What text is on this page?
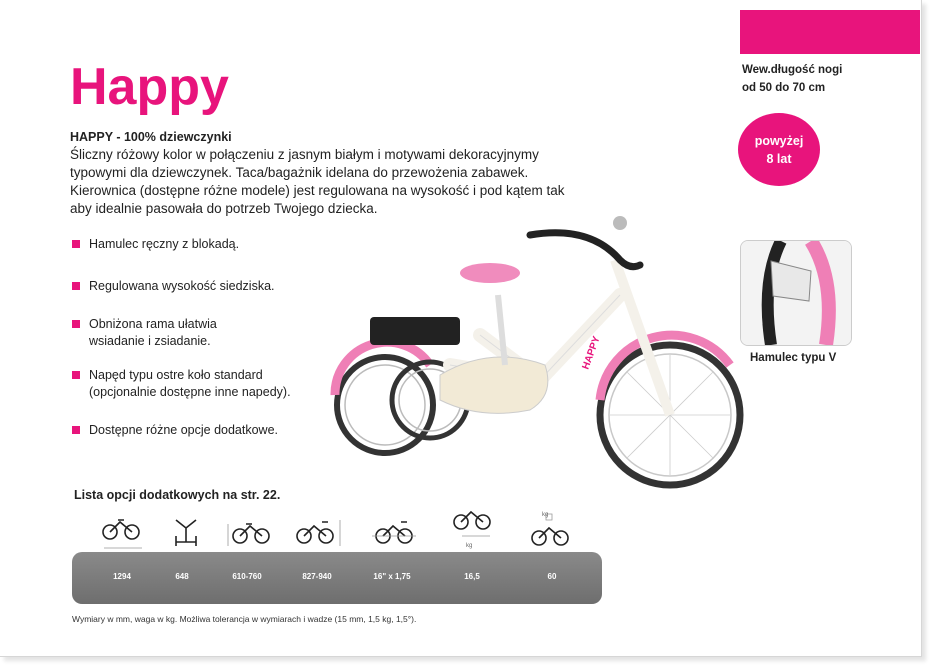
Wew.długość nogi
od 50 do 70 cm
powyżej
8 lat
Happy
HAPPY - 100% dziewczynki
Śliczny różowy kolor w połączeniu z jasnym białym i motywami dekoracyjnymy typowymi dla dziewczynek. Taca/bagażnik idelana do przewożenia zabawek. Kierownica (dostępne różne modele) jest regulowana na wysokość i pod kątem tak aby idealnie pasowała do potrzeb Twojego dziecka.
Hamulec ręczny z blokadą.
Regulowana wysokość siedziska.
Obniżona rama ułatwia
wsiadanie i zsiadanie.
Napęd typu ostre koło standard
(opcjonalnie dostępne inne napedy).
Dostępne różne opcje dodatkowe.
HAPPY	Hamulec typu V
Lista opcji dodatkowych na str. 22.
kg
kg
1294	648	610-760	827-940	16" x 1,75	16,5	60
Wymiary w mm, waga w kg. Możliwa tolerancja w wymiarach i wadze (15 mm, 1,5 kg, 1,5°).
